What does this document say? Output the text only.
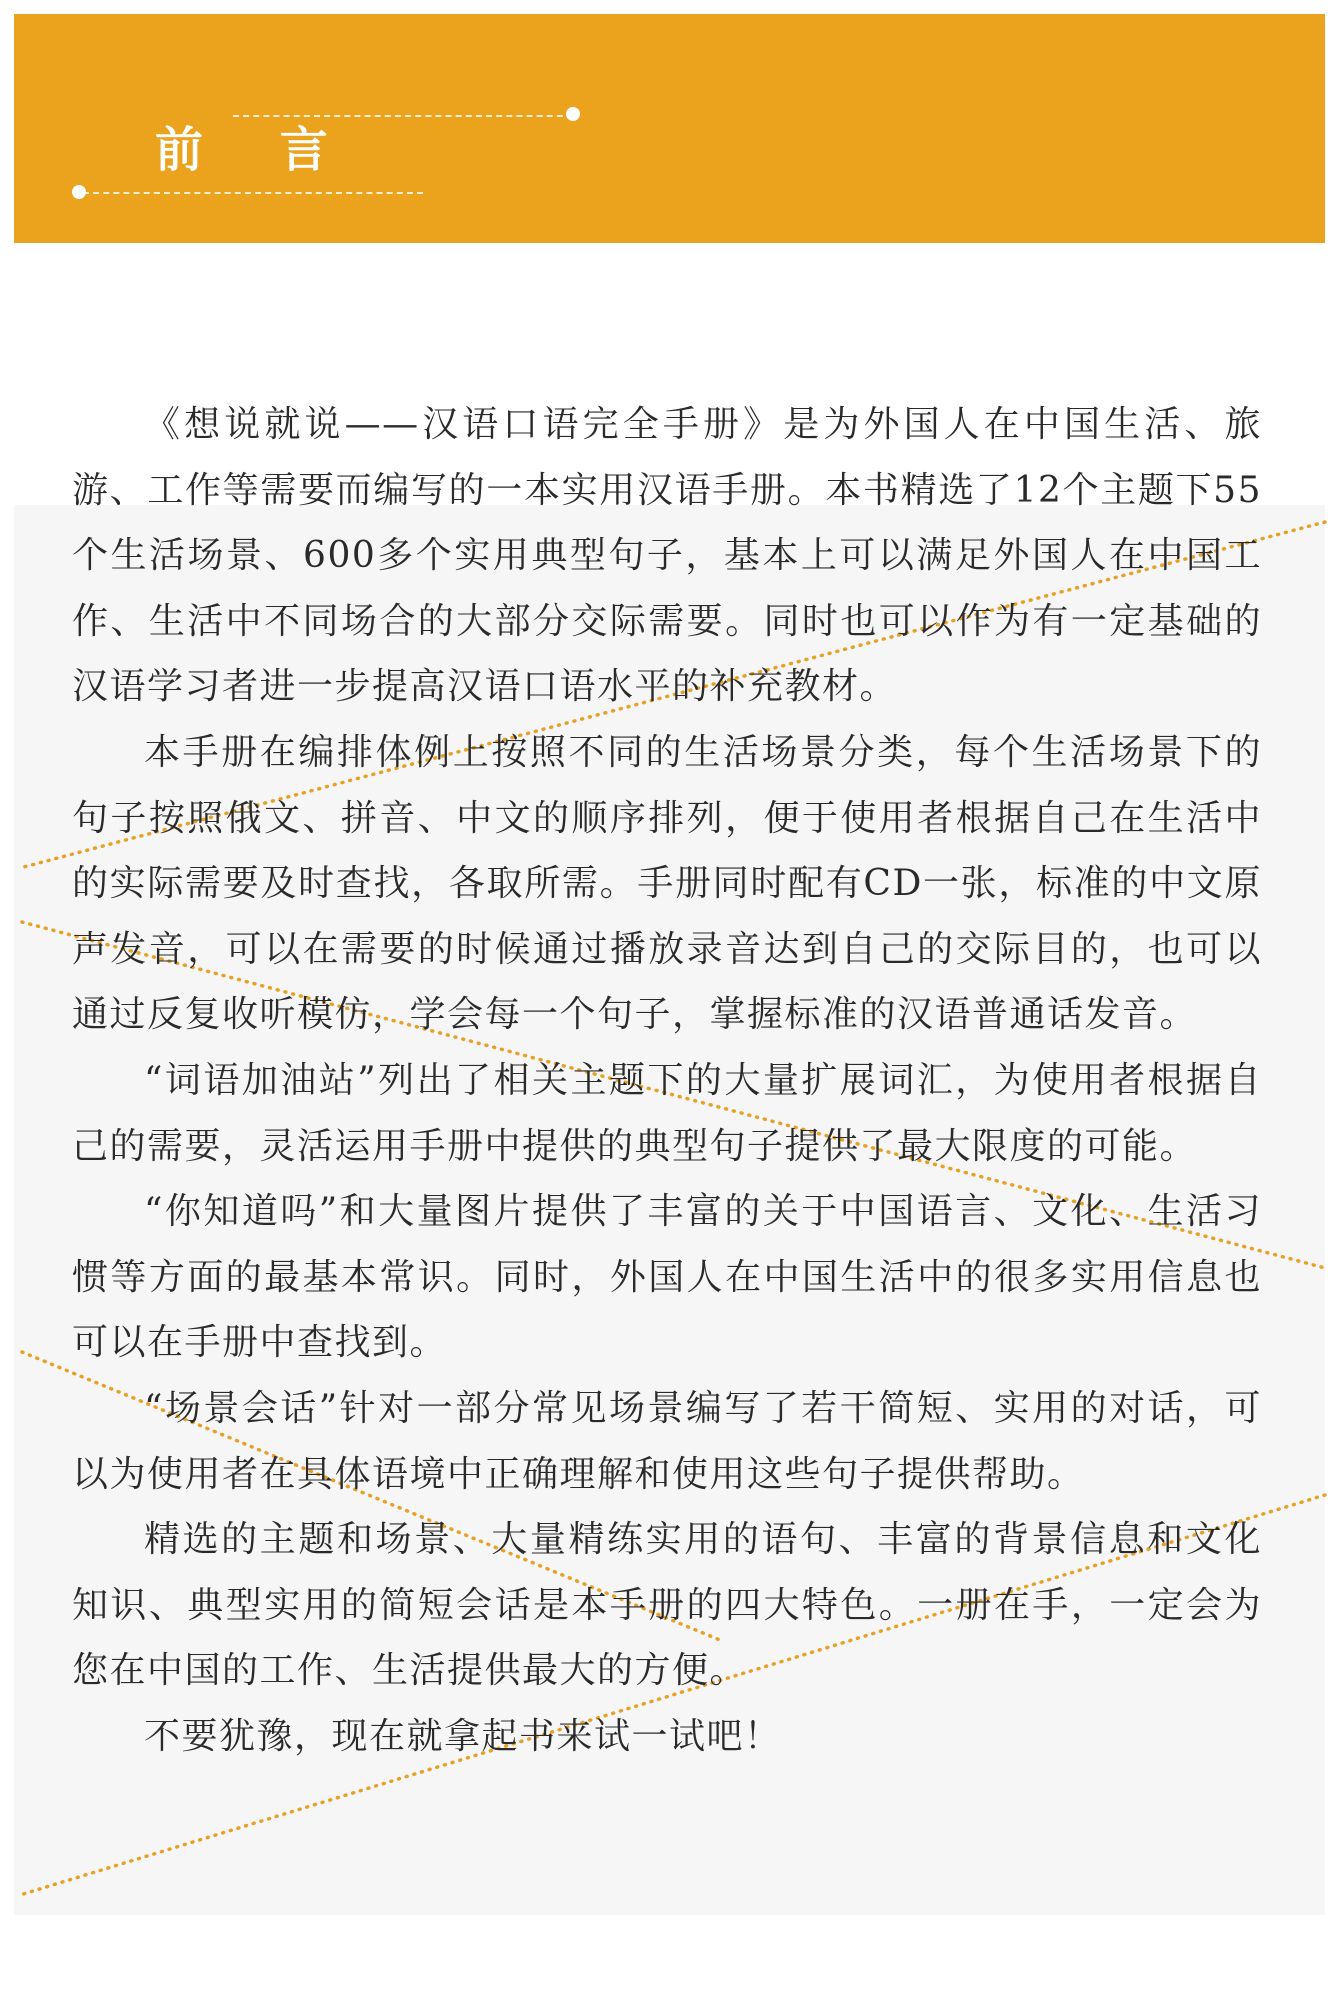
前 言

《想说就说——汉语口语完全手册》是为外国人在中国生活、旅游、工作等需要而编写的一本实用汉语手册。本书精选了12个主题下55个生活场景、600多个实用典型句子，基本上可以满足外国人在中国工作、生活中不同场合的大部分交际需要。同时也可以作为有一定基础的汉语学习者进一步提高汉语口语水平的补充教材。

本手册在编排体例上按照不同的生活场景分类，每个生活场景下的句子按照俄文、拼音、中文的顺序排列，便于使用者根据自己在生活中的实际需要及时查找，各取所需。手册同时配有CD一张，标准的中文原声发音，可以在需要的时候通过播放录音达到自己的交际目的，也可以通过反复收听模仿，学会每一个句子，掌握标准的汉语普通话发音。

“词语加油站”列出了相关主题下的大量扩展词汇，为使用者根据自己的需要，灵活运用手册中提供的典型句子提供了最大限度的可能。

“你知道吗”和大量图片提供了丰富的关于中国语言、文化、生活习惯等方面的最基本常识。同时，外国人在中国生活中的很多实用信息也可以在手册中查找到。

“场景会话”针对一部分常见场景编写了若干简短、实用的对话，可以为使用者在具体语境中正确理解和使用这些句子提供帮助。

精选的主题和场景、大量精练实用的语句、丰富的背景信息和文化知识、典型实用的简短会话是本手册的四大特色。一册在手，一定会为您在中国的工作、生活提供最大的方便。

不要犹豫，现在就拿起书来试一试吧！
